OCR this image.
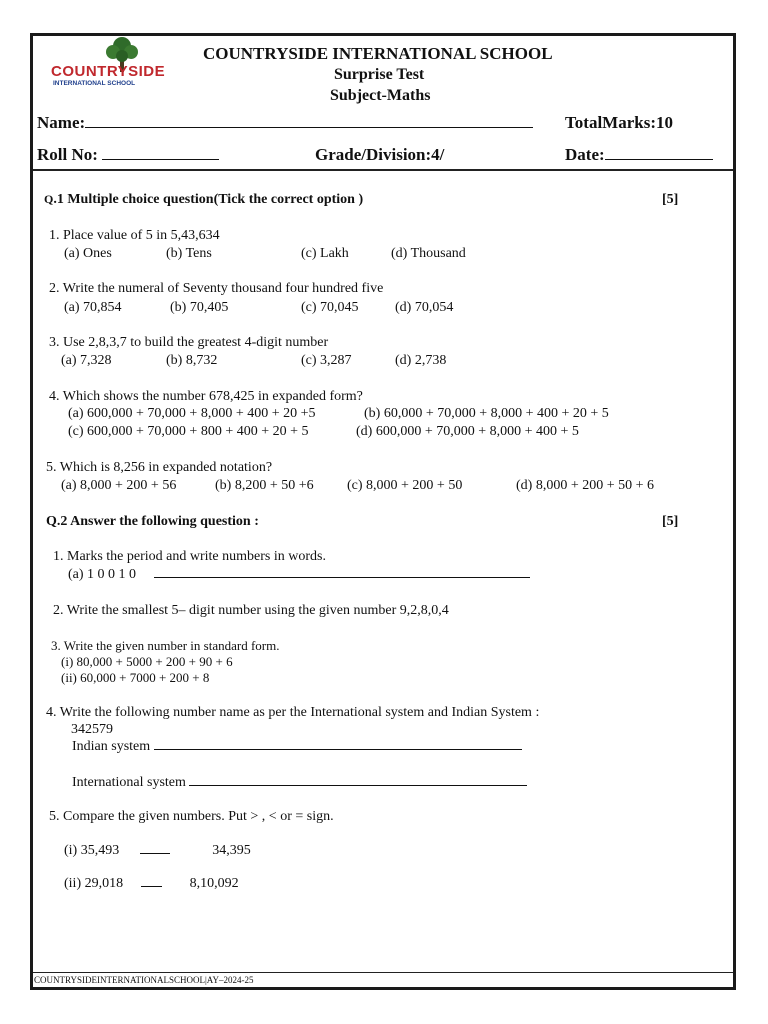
COUNTRYSIDE
INTERNATIONAL SCHOOL
COUNTRYSIDE INTERNATIONAL SCHOOL
Surprise Test
Subject-Maths
Name:	TotalMarks:10
Roll No:	Grade/Division:4/	Date:
Q.1 Multiple choice question(Tick the correct option )	[5]
1. Place value of 5 in 5,43,634
(a) Ones	(b) Tens	(c) Lakh	(d) Thousand
2. Write the numeral of Seventy thousand four hundred five
(a) 70,854	(b) 70,405	(c) 70,045	(d) 70,054
3. Use 2,8,3,7 to build the greatest 4-digit number
(a) 7,328	(b) 8,732	(c) 3,287	(d) 2,738
4. Which shows the number 678,425 in expanded form?
(a) 600,000 + 70,000 + 8,000 + 400 + 20 +5	(b) 60,000 + 70,000 + 8,000 + 400 + 20 + 5
(c) 600,000 + 70,000 + 800 + 400 + 20 + 5	(d) 600,000 + 70,000 + 8,000 + 400 + 5
5. Which is 8,256 in expanded notation?
(a) 8,000 + 200 + 56	(b) 8,200 + 50 +6 (c) 8,000 + 200 + 50	(d) 8,000 + 200 + 50 + 6
Q.2 Answer the following question :	[5]
1. Marks the period and write numbers in words.
(a) 1 0 0 1 0
2. Write the smallest 5– digit number using the given number 9,2,8,0,4
3. Write the given number in standard form.
(i) 80,000 + 5000 + 200 + 90 + 6
(ii) 60,000 + 7000 + 200 + 8
4. Write the following number name as per the International system and Indian System :
342579
Indian system
International system
5. Compare the given numbers. Put > , < or = sign.
(i) 35,493	34,395
(ii) 29,018	8,10,092
COUNTRYSIDEINTERNATIONALSCHOOL|AY–2024-25
